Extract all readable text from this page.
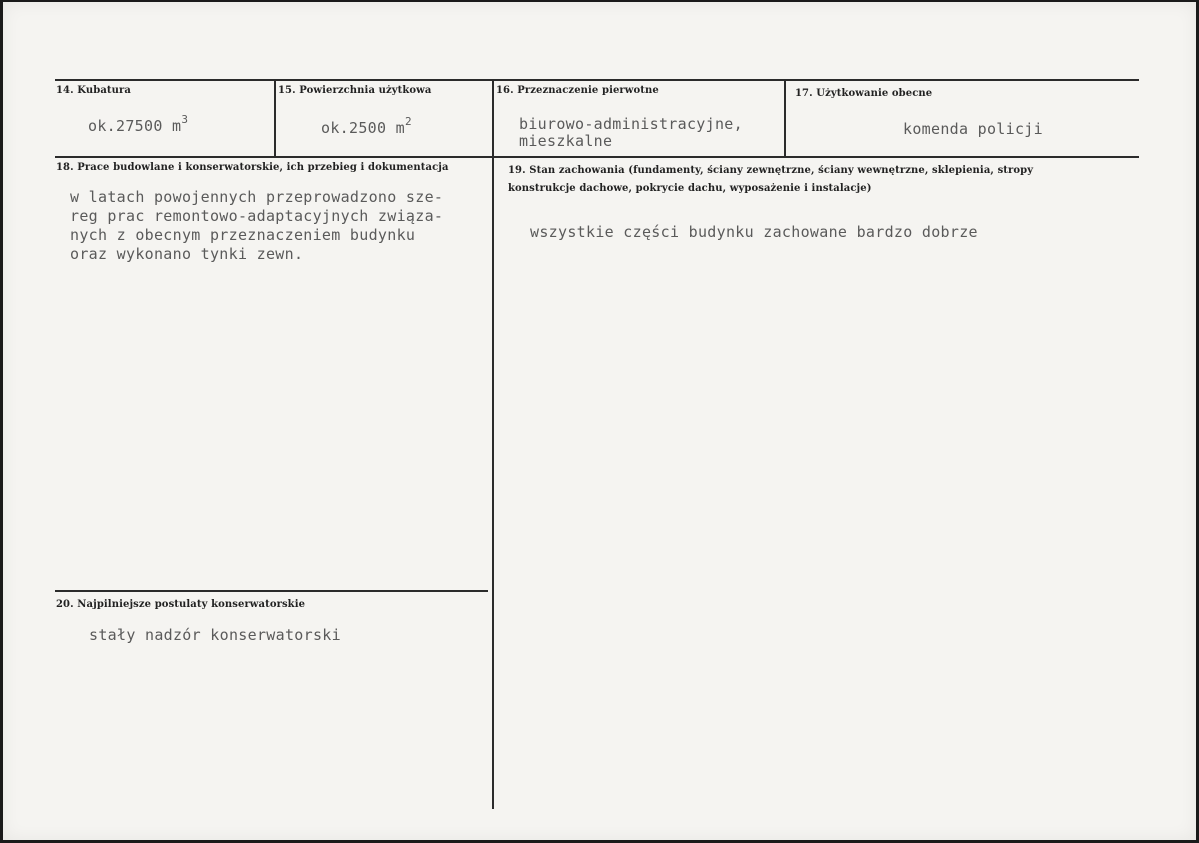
14. Kubatura
ok.27500 $m^3$
15. Powierzchnia użytkowa
ok.2500 $m^2$
16. Przeznaczenie pierwotne
biurowo-administracyjne,
mieszkalne
17. Użytkowanie obecne
komenda policji
18. Prace budowlane i konserwatorskie, ich przebieg i dokumentacja
w latach powojennych przeprowadzono sze-
reg prac remontowo-adaptacyjnych związa-
nych z obecnym przeznaczeniem budynku
oraz wykonano tynki zewn.
19. Stan zachowania (fundamenty, ściany zewnętrzne, ściany wewnętrzne, sklepienia, stropy
konstrukcje dachowe, pokrycie dachu, wyposażenie i instalacje)
wszystkie części budynku zachowane bardzo dobrze
20. Najpilniejsze postulaty konserwatorskie
stały nadzór konserwatorski
